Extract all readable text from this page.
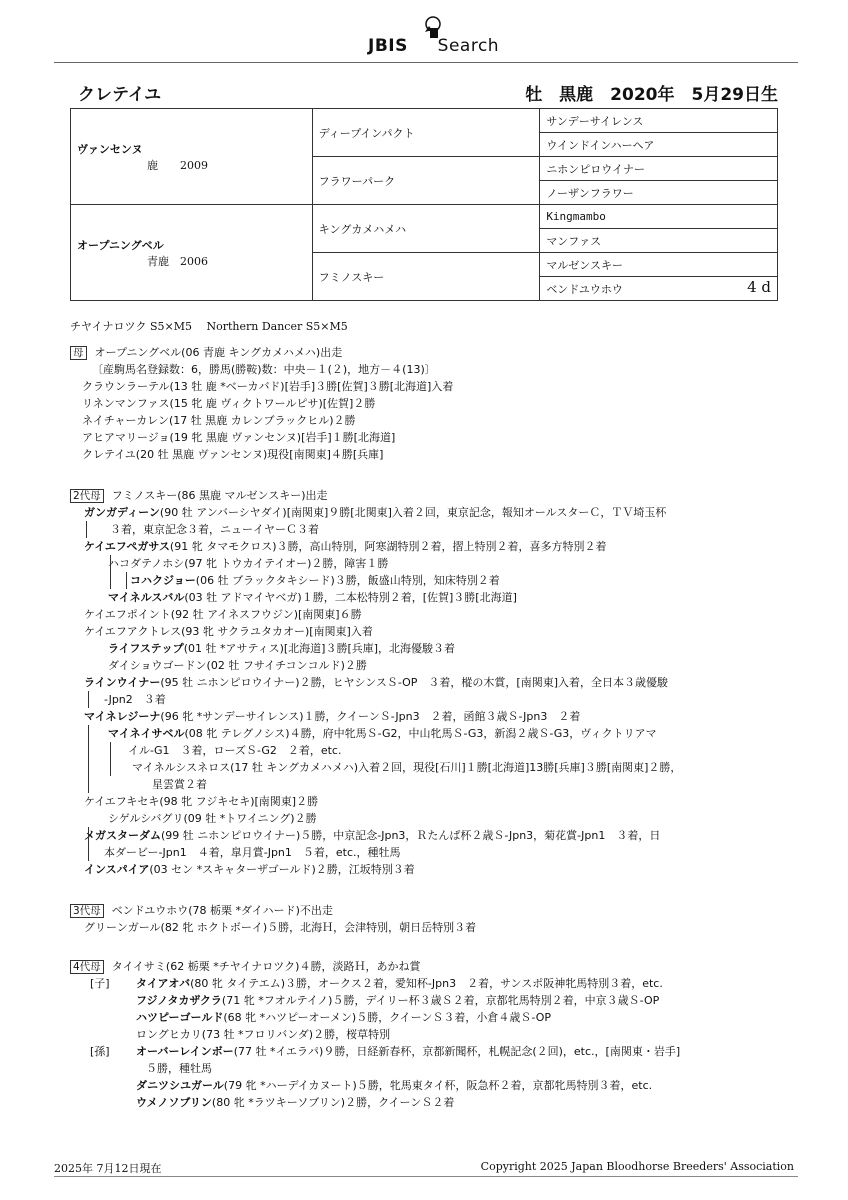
JBIS Search
クレテイユ	牡　黒鹿　2020年　5月29日生
ヴァンセンヌ
鹿　　2009	ディープインパクト	サンデーサイレンス
		ウインドインハーヘア
	フラワーパーク	ニホンピロウイナー
		ノーザンフラワー

オープニングベル
青鹿　2006	キングカメハメハ	Kingmambo
		マンファス
	フミノスキー	マルゼンスキー
		ベンドユウホウ 4 d
チヤイナロツク S5×M5　 Northern Dancer S5×M5
母 オープニングベル(06 青鹿 キングカメハメハ)出走
〔産駒馬名登録数：6，勝馬(勝鞍)数：中央－１(２)，地方－４(13)〕
クラウンラーテル(13 牡 鹿 *ベーカバド)[岩手]３勝[佐賀]３勝[北海道]入着
リネンマンファス(15 牝 鹿 ヴィクトワールピサ)[佐賀]２勝
ネイチャーカレン(17 牡 黒鹿 カレンブラックヒル)２勝
アヒアマリージョ(19 牝 黒鹿 ヴァンセンヌ)[岩手]１勝[北海道]
クレテイユ(20 牡 黒鹿 ヴァンセンヌ)現役[南関東]４勝[兵庫]
2代母 フミノスキー(86 黒鹿 マルゼンスキー)出走
ガンガディーン(90 牡 アンバーシヤダイ)[南関東]９勝[北関東]入着２回，東京記念，報知オールスターＣ，ＴＶ埼玉杯
３着，東京記念３着，ニューイヤーＣ３着
ケイエフペガサス(91 牝 タマモクロス)３勝，高山特別，阿寒湖特別２着，摺上特別２着，喜多方特別２着
ハコダテノホシ(97 牝 トウカイテイオー)２勝，障害１勝
コハクジョー(06 牡 ブラックタキシード)３勝，飯盛山特別，知床特別２着
マイネルスバル(03 牡 アドマイヤベガ)１勝，二本松特別２着，[佐賀]３勝[北海道]
ケイエフポイント(92 牡 アイネスフウジン)[南関東]６勝
ケイエフアクトレス(93 牝 サクラユタカオー)[南関東]入着
ライフステップ(01 牡 *アサティス)[北海道]３勝[兵庫]，北海優駿３着
ダイショウゴードン(02 牡 フサイチコンコルド)２勝
ラインウイナー(95 牡 ニホンピロウイナー)２勝，ヒヤシンスＳ-OP　３着，樅の木賞，[南関東]入着，全日本３歳優駿
-Jpn2　３着
マイネレジーナ(96 牝 *サンデーサイレンス)１勝，クイーンＳ-Jpn3　２着，函館３歳Ｓ-Jpn3　２着
マイネイサベル(08 牝 テレグノシス)４勝，府中牝馬Ｓ-G2，中山牝馬Ｓ-G3，新潟２歳Ｓ-G3，ヴィクトリアマ
イル-G1　３着，ローズＳ-G2　２着，etc.
マイネルシスネロス(17 牡 キングカメハメハ)入着２回，現役[石川]１勝[北海道]13勝[兵庫]３勝[南関東]２勝，
星雲賞２着
ケイエフキセキ(98 牝 フジキセキ)[南関東]２勝
シゲルシバグリ(09 牡 *トワイニング)２勝
メガスターダム(99 牡 ニホンピロウイナー)５勝，中京記念-Jpn3，Ｒたんぱ杯２歳Ｓ-Jpn3，菊花賞-Jpn1　３着，日
本ダービー-Jpn1　４着，皐月賞-Jpn1　５着，etc.，種牡馬
インスパイア(03 セン *スキャターザゴールド)２勝，江坂特別３着
3代母 ベンドユウホウ(78 栃栗 *ダイハード)不出走
グリーンガール(82 牝 ホクトボーイ)５勝，北海Ｈ，会津特別，朝日岳特別３着
4代母 タイイサミ(62 栃栗 *チヤイナロツク)４勝，淡路Ｈ，あかね賞
[子] タイアオバ(80 牝 タイテエム)３勝，オークス２着，愛知杯-Jpn3　２着，サンスポ阪神牝馬特別３着，etc.
フジノタカザクラ(71 牝 *フオルテイノ)５勝，デイリー杯３歳Ｓ２着，京都牝馬特別２着，中京３歳Ｓ-OP
ハツピーゴールド(68 牝 *ハツピーオーメン)５勝，クイーンＳ３着，小倉４歳Ｓ-OP
ロングヒカリ(73 牡 *フロリバンダ)２勝，桜草特別
[孫] オーバーレインボー(77 牡 *イエラパ)９勝，日経新春杯，京都新聞杯，札幌記念(２回)，etc.，[南関東・岩手]
５勝，種牡馬
ダニツシユガール(79 牝 *ハーデイカヌート)５勝，牝馬東タイ杯，阪急杯２着，京都牝馬特別３着，etc.
ウメノソブリン(80 牝 *ラツキーソブリン)２勝，クイーンＳ２着
2025年 7月12日現在	Copyright 2025 Japan Bloodhorse Breeders' Association
